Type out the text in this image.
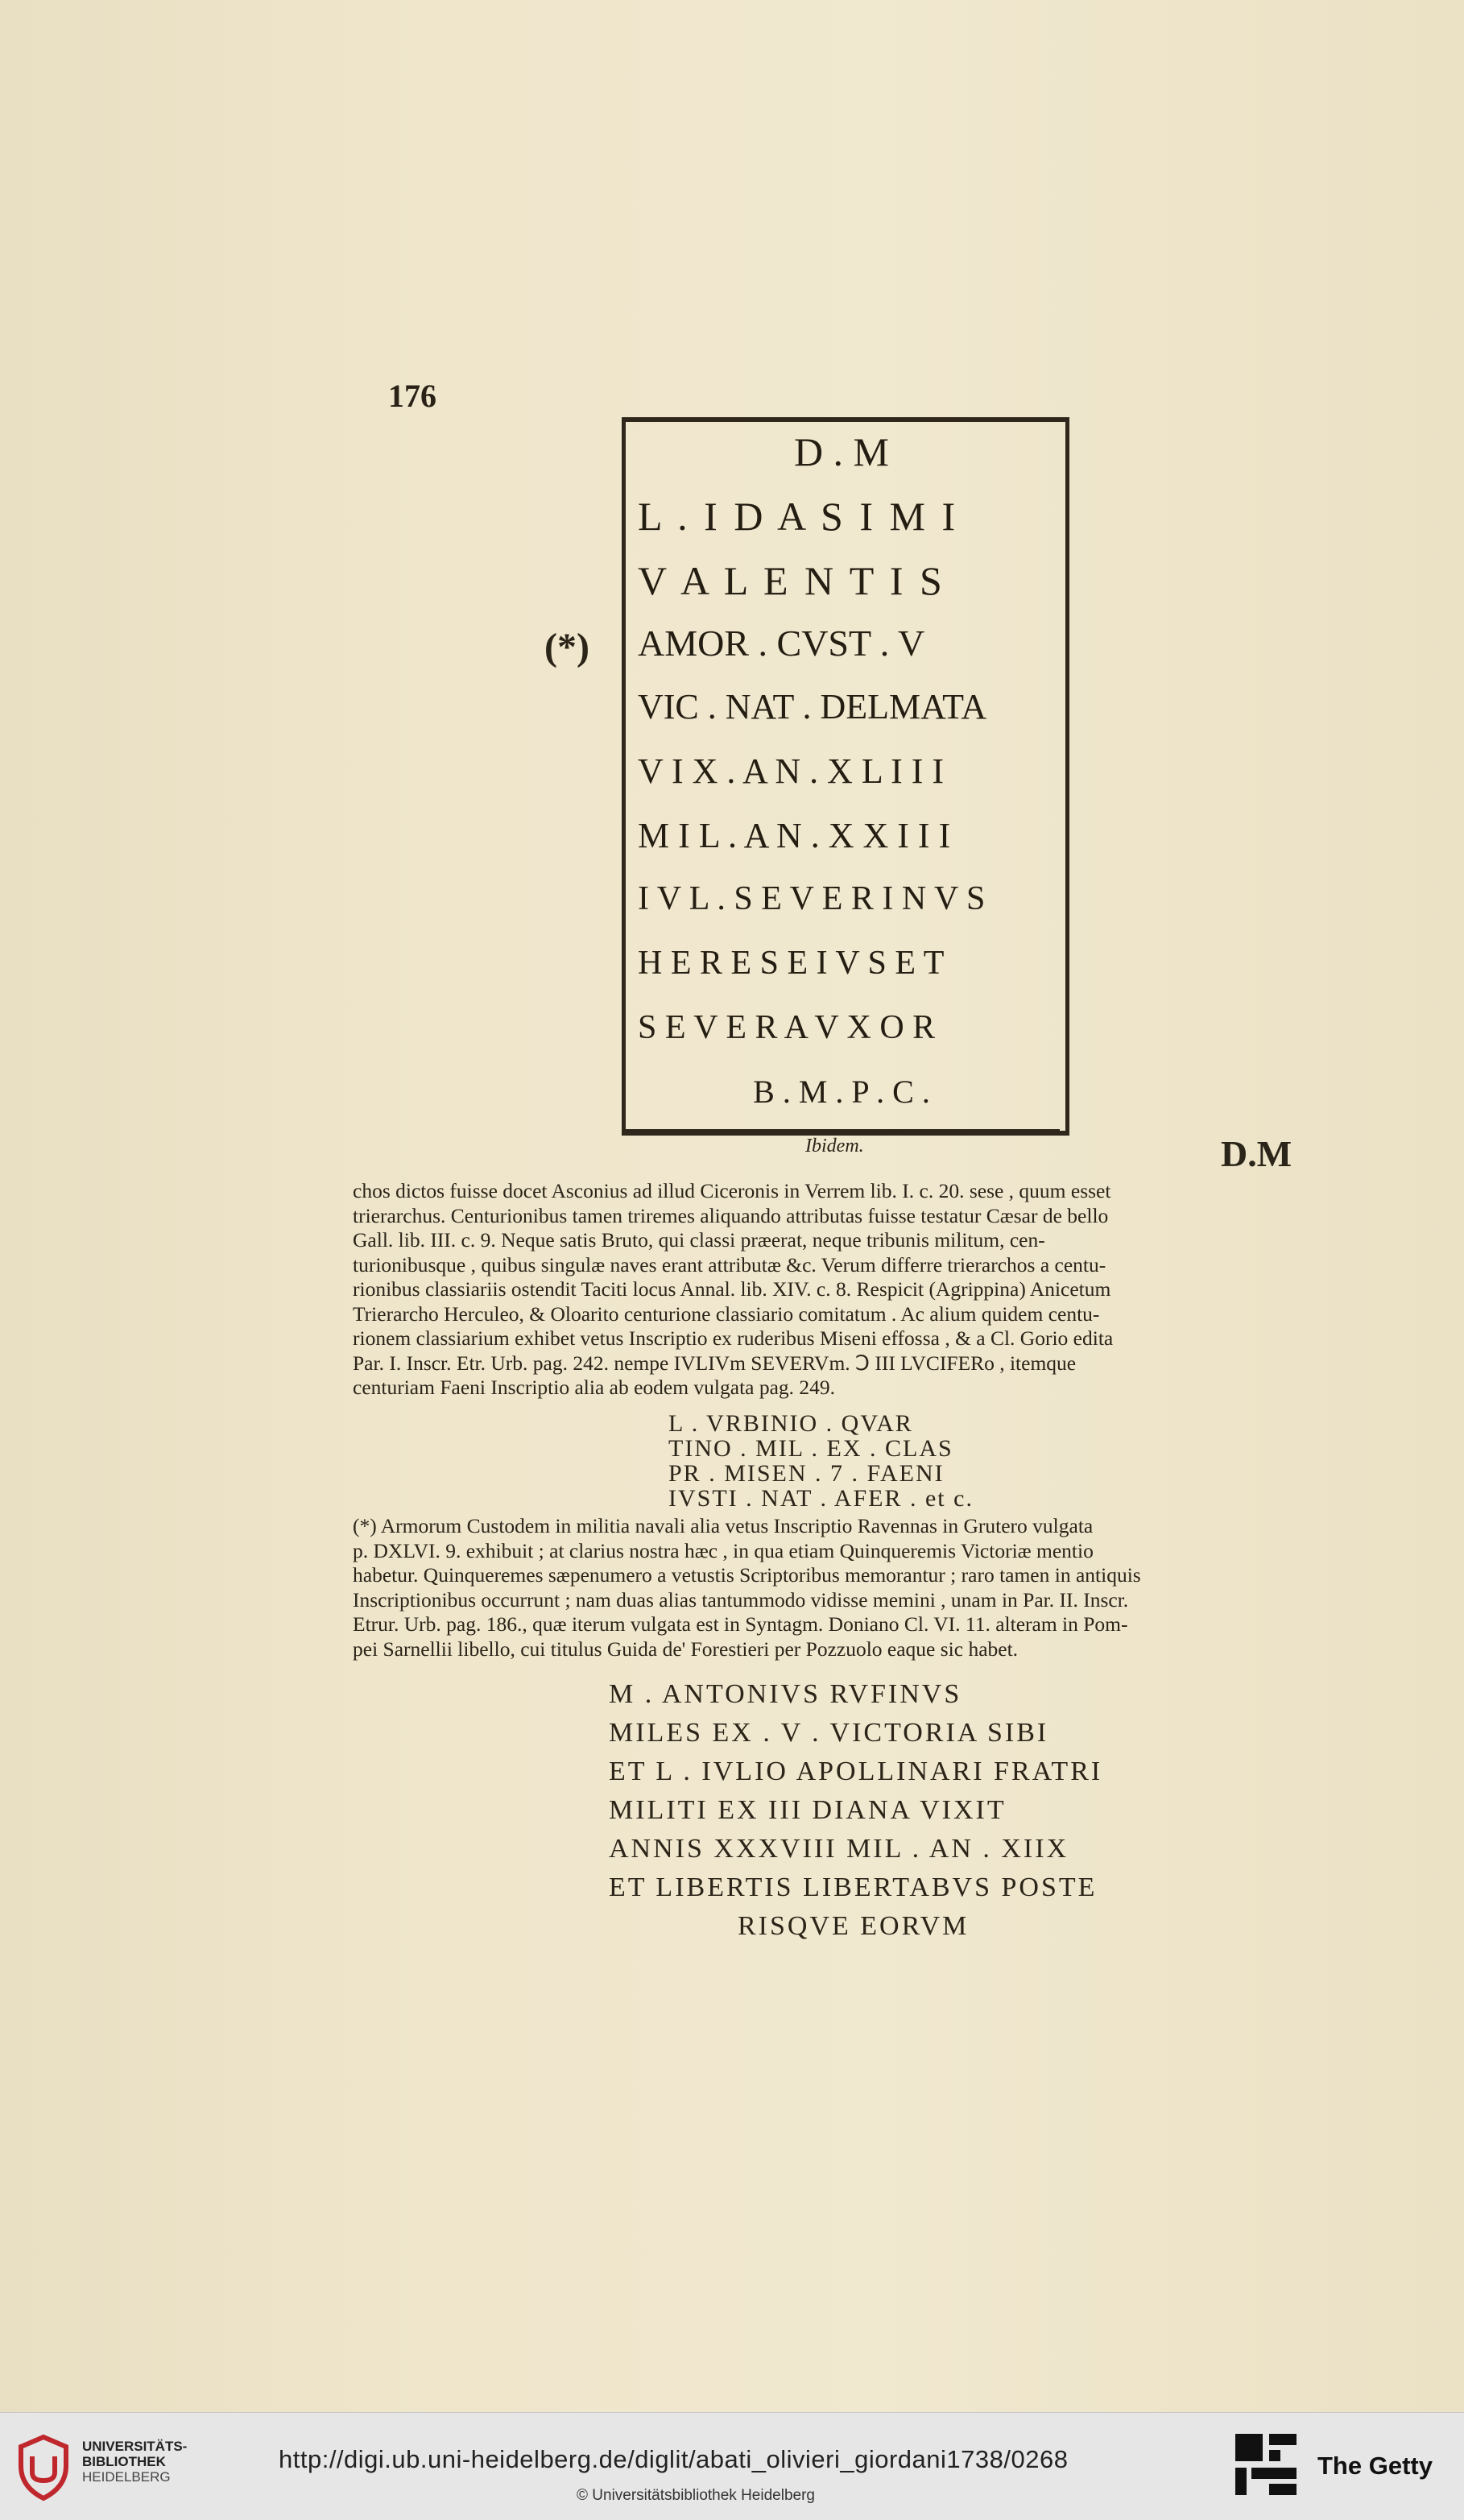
176
(*)
D . M
L . I D A S I M I
V A L E N T I S
AMOR . CVST . V
VIC . NAT . DELMATA
V I X . A N . X L I I I
M I L . A N . X X I I I
I V L . S E V E R I N V S
H E R E S E I V S E T
S E V E R A V X O R
B . M . P . C .
Ibidem.	D.M
chos dictos fuisse docet Asconius ad illud Ciceronis in Verrem lib. I. c. 20. sese , quum esset
trierarchus. Centurionibus tamen triremes aliquando attributas fuisse testatur Cæsar de bello
Gall. lib. III. c. 9. Neque satis Bruto, qui classi præerat, neque tribunis militum, cen-
turionibusque , quibus singulæ naves erant attributæ &c. Verum differre trierarchos a centu-
rionibus classiariis ostendit Taciti locus Annal. lib. XIV. c. 8. Respicit (Agrippina) Anicetum
Trierarcho Herculeo, & Oloarito centurione classiario comitatum . Ac alium quidem centu-
rionem classiarium exhibet vetus Inscriptio ex ruderibus Miseni effossa , & a Cl. Gorio edita
Par. I. Inscr. Etr. Urb. pag. 242. nempe IVLIVm SEVERVm. Ↄ III LVCIFERo , itemque
centuriam Faeni Inscriptio alia ab eodem vulgata pag. 249.
L . VRBINIO . QVAR
TINO . MIL . EX . CLAS
PR . MISEN . 7 . FAENI
IVSTI . NAT . AFER . et c.
(*) Armorum Custodem in militia navali alia vetus Inscriptio Ravennas in Grutero vulgata
p. DXLVI. 9. exhibuit ; at clarius nostra hæc , in qua etiam Quinqueremis Victoriæ mentio
habetur. Quinqueremes sæpenumero a vetustis Scriptoribus memorantur ; raro tamen in antiquis
Inscriptionibus occurrunt ; nam duas alias tantummodo vidisse memini , unam in Par. II. Inscr.
Etrur. Urb. pag. 186., quæ iterum vulgata est in Syntagm. Doniano Cl. VI. 11. alteram in Pom-
pei Sarnellii libello, cui titulus Guida de' Forestieri per Pozzuolo eaque sic habet.
M . ANTONIVS RVFINVS
MILES EX . V . VICTORIA SIBI
ET L . IVLIO APOLLINARI FRATRI
MILITI EX III DIANA VIXIT
ANNIS XXXVIII MIL . AN . XIIX
ET LIBERTIS LIBERTABVS POSTE
RISQVE EORVM
UNIVERSITÄTS-
BIBLIOTHEK
HEIDELBERG
http://digi.ub.uni-heidelberg.de/diglit/abati_olivieri_giordani1738/0268
© Universitätsbibliothek Heidelberg
The Getty
